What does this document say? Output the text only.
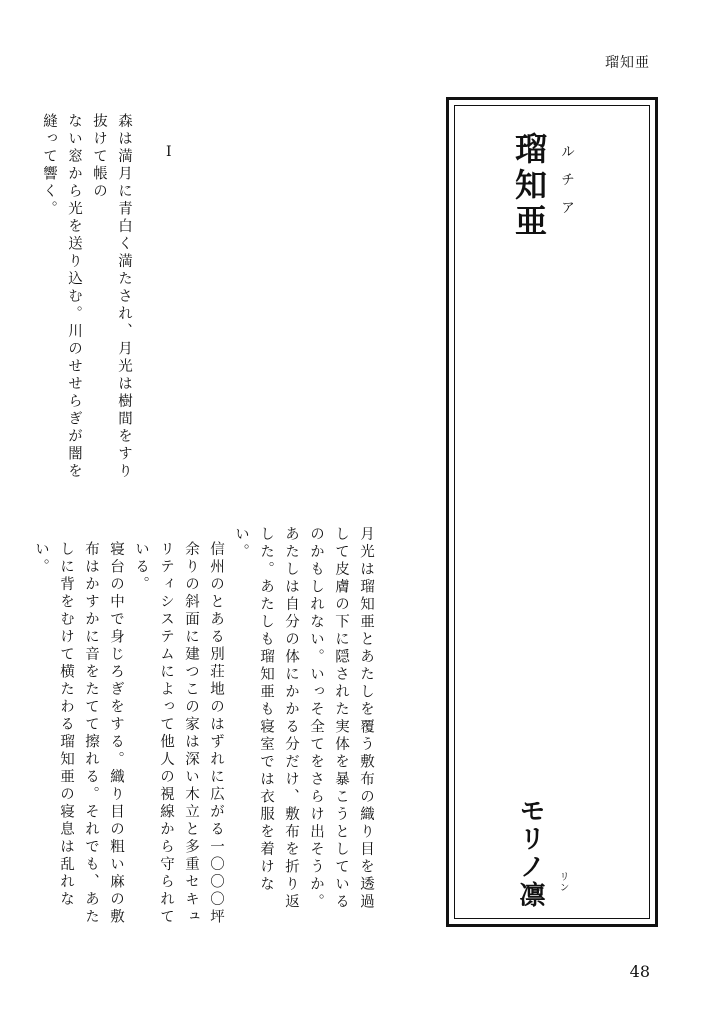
瑠知亜
瑠知亜 ルチア
モリノ凛 リン
I

森は満月に青白く満たされ、月光は樹間をすり抜けて帳の

ない窓から光を送り込む。川のせせらぎが闇を縫って響く。

月光は瑠知亜とあたしを覆う敷布の織り目を透過して皮膚の下に隠された実体を暴こうとしているのかもしれない。いっそ全てをさらけ出そうか。あたしは自分の体にかかる分だけ、敷布を折り返した。あたしも瑠知亜も寝室では衣服を着けない。

信州のとある別荘地のはずれに広がる一〇〇〇坪余りの斜面に建つこの家は深い木立と多重セキュリティシステムによって他人の視線から守られている。

寝台の中で身じろぎをする。織り目の粗い麻の敷布はかすかに音をたてて擦れる。それでも、あたしに背をむけて横たわる瑠知亜の寝息は乱れない。

48
